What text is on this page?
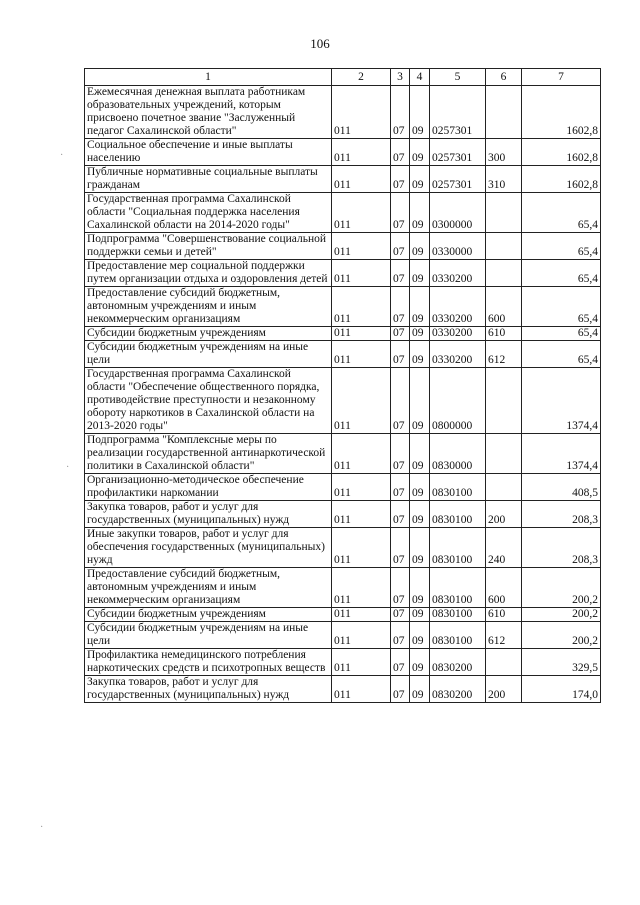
106
1	2	3	4	5	6	7
Ежемесячная денежная выплата работникам образовательных учреждений, которым присвоено почетное звание "Заслуженный педагог Сахалинской области"	011	07	09	0257301		1602,8
Социальное обеспечение и иные выплаты населению	011	07	09	0257301	300	1602,8
Публичные нормативные социальные выплаты гражданам	011	07	09	0257301	310	1602,8
Государственная программа Сахалинской области "Социальная поддержка населения Сахалинской области на 2014-2020 годы"	011	07	09	0300000		65,4
Подпрограмма "Совершенствование социальной поддержки семьи и детей"	011	07	09	0330000		65,4
Предоставление мер социальной поддержки путем организации отдыха и оздоровления детей	011	07	09	0330200		65,4
Предоставление субсидий бюджетным, автономным учреждениям и иным некоммерческим организациям	011	07	09	0330200	600	65,4
Субсидии бюджетным учреждениям	011	07	09	0330200	610	65,4
Субсидии бюджетным учреждениям на иные цели	011	07	09	0330200	612	65,4
Государственная программа Сахалинской области "Обеспечение общественного порядка, противодействие преступности и незаконному обороту наркотиков в Сахалинской области на 2013-2020 годы"	011	07	09	0800000		1374,4
Подпрограмма "Комплексные меры по реализации государственной антинаркотической политики в Сахалинской области"	011	07	09	0830000		1374,4
Организационно-методическое обеспечение профилактики наркомании	011	07	09	0830100		408,5
Закупка товаров, работ и услуг для государственных (муниципальных) нужд	011	07	09	0830100	200	208,3
Иные закупки товаров, работ и услуг для обеспечения государственных (муниципальных) нужд	011	07	09	0830100	240	208,3
Предоставление субсидий бюджетным, автономным учреждениям и иным некоммерческим организациям	011	07	09	0830100	600	200,2
Субсидии бюджетным учреждениям	011	07	09	0830100	610	200,2
Субсидии бюджетным учреждениям на иные цели	011	07	09	0830100	612	200,2
Профилактика немедицинского потребления наркотических средств и психотропных веществ	011	07	09	0830200		329,5
Закупка товаров, работ и услуг для государственных (муниципальных) нужд	011	07	09	0830200	200	174,0
·
·
·
